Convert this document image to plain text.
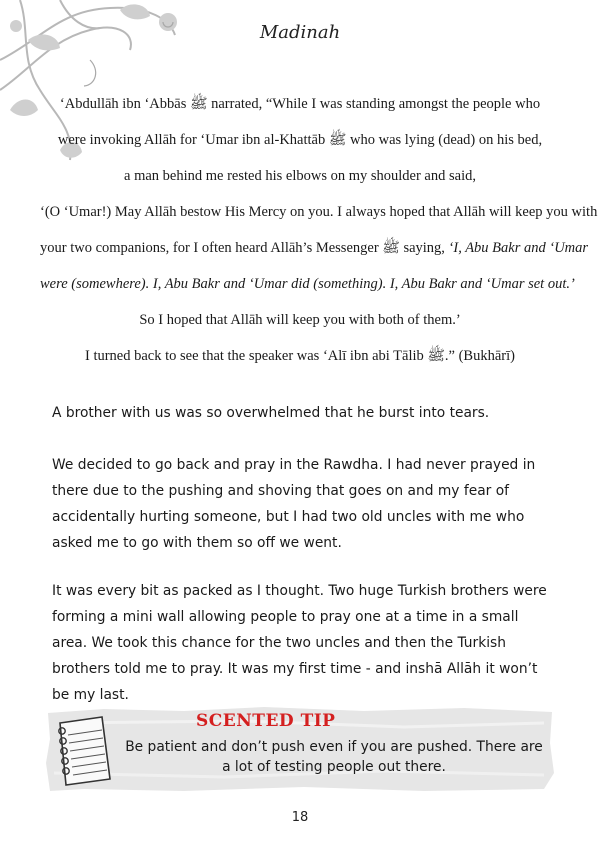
Madinah
‘Abdullāh ibn ‘Abbās ﷺ narrated, “While I was standing amongst the people who
were invoking Allāh for ‘Umar ibn al-Khattāb ﷺ who was lying (dead) on his bed,
a man behind me rested his elbows on my shoulder and said,
‘(O ‘Umar!) May Allāh bestow His Mercy on you. I always hoped that Allāh will keep you with
your two companions, for I often heard Allāh’s Messenger ﷺ saying, ‘I, Abu Bakr and ‘Umar
were (somewhere). I, Abu Bakr and ‘Umar did (something). I, Abu Bakr and ‘Umar set out.’
So I hoped that Allāh will keep you with both of them.’
I turned back to see that the speaker was ‘Alī ibn abi Tālib ﷺ.” (Bukhārī)

A brother with us was so overwhelmed that he burst into tears.

We decided to go back and pray in the Rawdha. I had never prayed in there due to the pushing and shoving that goes on and my fear of accidentally hurting someone, but I had two old uncles with me who asked me to go with them so off we went.

It was every bit as packed as I thought. Two huge Turkish brothers were forming a mini wall allowing people to pray one at a time in a small area. We took this chance for the two uncles and then the Turkish brothers told me to pray. It was my first time - and inshā Allāh it won’t be my last.

SCENTED TIP
Be patient and don’t push even if you are pushed. There are a lot of testing people out there.
18
